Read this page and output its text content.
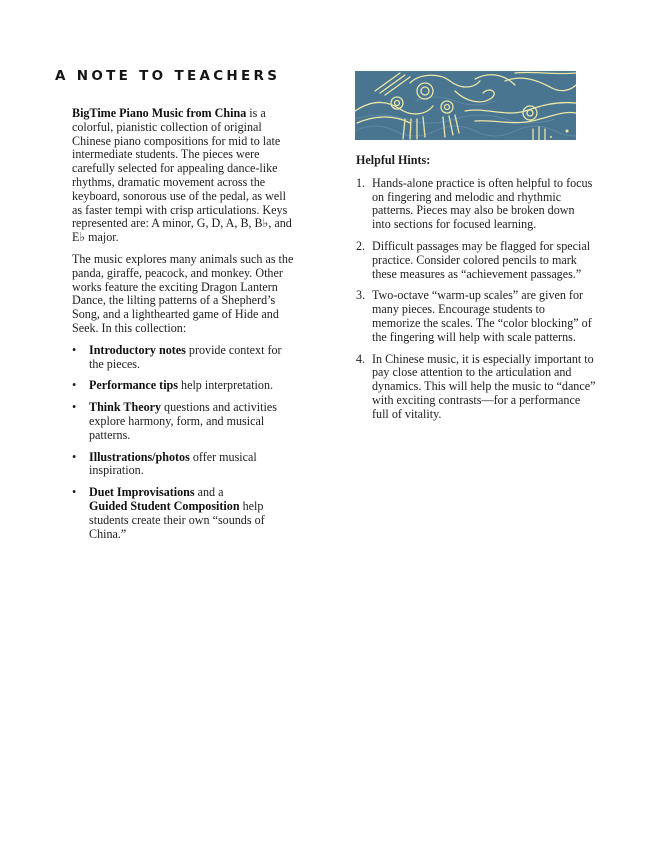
A NOTE TO TEACHERS

BigTime Piano Music from China is a colorful, pianistic collection of original Chinese piano compositions for mid to late intermediate students. The pieces were carefully selected for appealing dance-like rhythms, dramatic movement across the keyboard, sonorous use of the pedal, as well as faster tempi with crisp articulations. Keys represented are: A minor, G, D, A, B, B♭, and E♭ major.

The music explores many animals such as the panda, giraffe, peacock, and monkey. Other works feature the exciting Dragon Lantern Dance, the lilting patterns of a Shepherd’s Song, and a lighthearted game of Hide and Seek. In this collection:

• Introductory notes provide context for the pieces.
• Performance tips help interpretation.
• Think Theory questions and activities explore harmony, form, and musical patterns.
• Illustrations/photos offer musical inspiration.
• Duet Improvisations and a
Guided Student Composition help students create their own “sounds of China.”
Helpful Hints:
1. Hands-alone practice is often helpful to focus on fingering and melodic and rhythmic patterns. Pieces may also be broken down into sections for focused learning.
2. Difficult passages may be flagged for special practice. Consider colored pencils to mark these measures as “achievement passages.”
3. Two-octave “warm-up scales” are given for many pieces. Encourage students to memorize the scales. The “color blocking” of the fingering will help with scale patterns.
4. In Chinese music, it is especially important to pay close attention to the articulation and dynamics. This will help the music to “dance” with exciting contrasts—for a performance full of vitality.
